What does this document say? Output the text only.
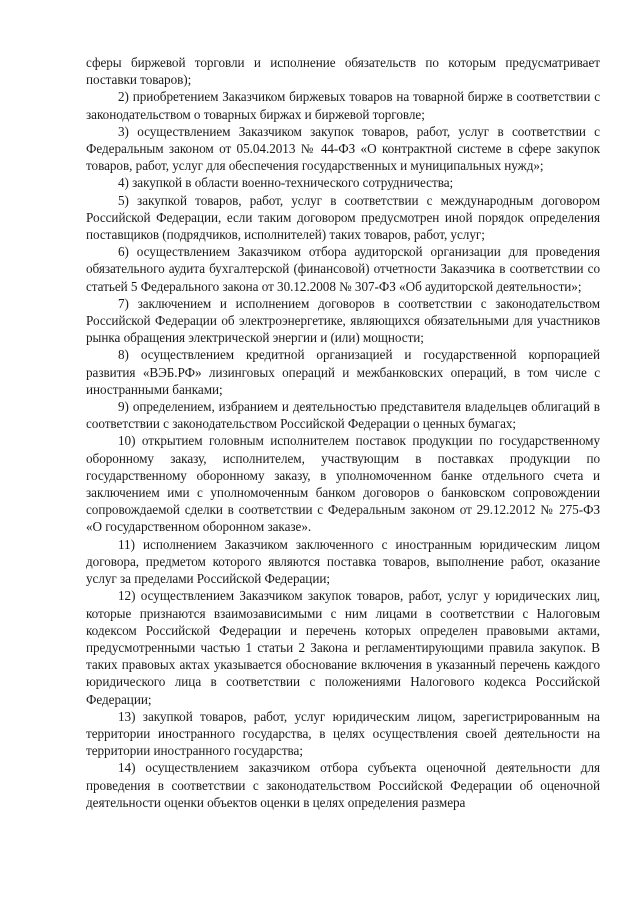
сферы биржевой торговли и исполнение обязательств по которым предусматривает поставки товаров);

2) приобретением Заказчиком биржевых товаров на товарной бирже в соответствии с законодательством о товарных биржах и биржевой торговле;

3) осуществлением Заказчиком закупок товаров, работ, услуг в соответствии с Федеральным законом от 05.04.2013 № 44-ФЗ «О контрактной системе в сфере закупок товаров, работ, услуг для обеспечения государственных и муниципальных нужд»;

4) закупкой в области военно-технического сотрудничества;

5) закупкой товаров, работ, услуг в соответствии с международным договором Российской Федерации, если таким договором предусмотрен иной порядок определения поставщиков (подрядчиков, исполнителей) таких товаров, работ, услуг;

6) осуществлением Заказчиком отбора аудиторской организации для проведения обязательного аудита бухгалтерской (финансовой) отчетности Заказчика в соответствии со статьей 5 Федерального закона от 30.12.2008 № 307-ФЗ «Об аудиторской деятельности»;

7) заключением и исполнением договоров в соответствии с законодательством Российской Федерации об электроэнергетике, являющихся обязательными для участников рынка обращения электрической энергии и (или) мощности;

8) осуществлением кредитной организацией и государственной корпорацией развития «ВЭБ.РФ» лизинговых операций и межбанковских операций, в том числе с иностранными банками;

9) определением, избранием и деятельностью представителя владельцев облигаций в соответствии с законодательством Российской Федерации о ценных бумагах;

10) открытием головным исполнителем поставок продукции по государственному оборонному заказу, исполнителем, участвующим в поставках продукции по государственному оборонному заказу, в уполномоченном банке отдельного счета и заключением ими с уполномоченным банком договоров о банковском сопровождении сопровождаемой сделки в соответствии с Федеральным законом от 29.12.2012 № 275-ФЗ «О государственном оборонном заказе».

11) исполнением Заказчиком заключенного с иностранным юридическим лицом договора, предметом которого являются поставка товаров, выполнение работ, оказание услуг за пределами Российской Федерации;

12) осуществлением Заказчиком закупок товаров, работ, услуг у юридических лиц, которые признаются взаимозависимыми с ним лицами в соответствии с Налоговым кодексом Российской Федерации и перечень которых определен правовыми актами, предусмотренными частью 1 статьи 2 Закона и регламентирующими правила закупок. В таких правовых актах указывается обоснование включения в указанный перечень каждого юридического лица в соответствии с положениями Налогового кодекса Российской Федерации;

13) закупкой товаров, работ, услуг юридическим лицом, зарегистрированным на территории иностранного государства, в целях осуществления своей деятельности на территории иностранного государства;

14) осуществлением заказчиком отбора субъекта оценочной деятельности для проведения в соответствии с законодательством Российской Федерации об оценочной деятельности оценки объектов оценки в целях определения размера
